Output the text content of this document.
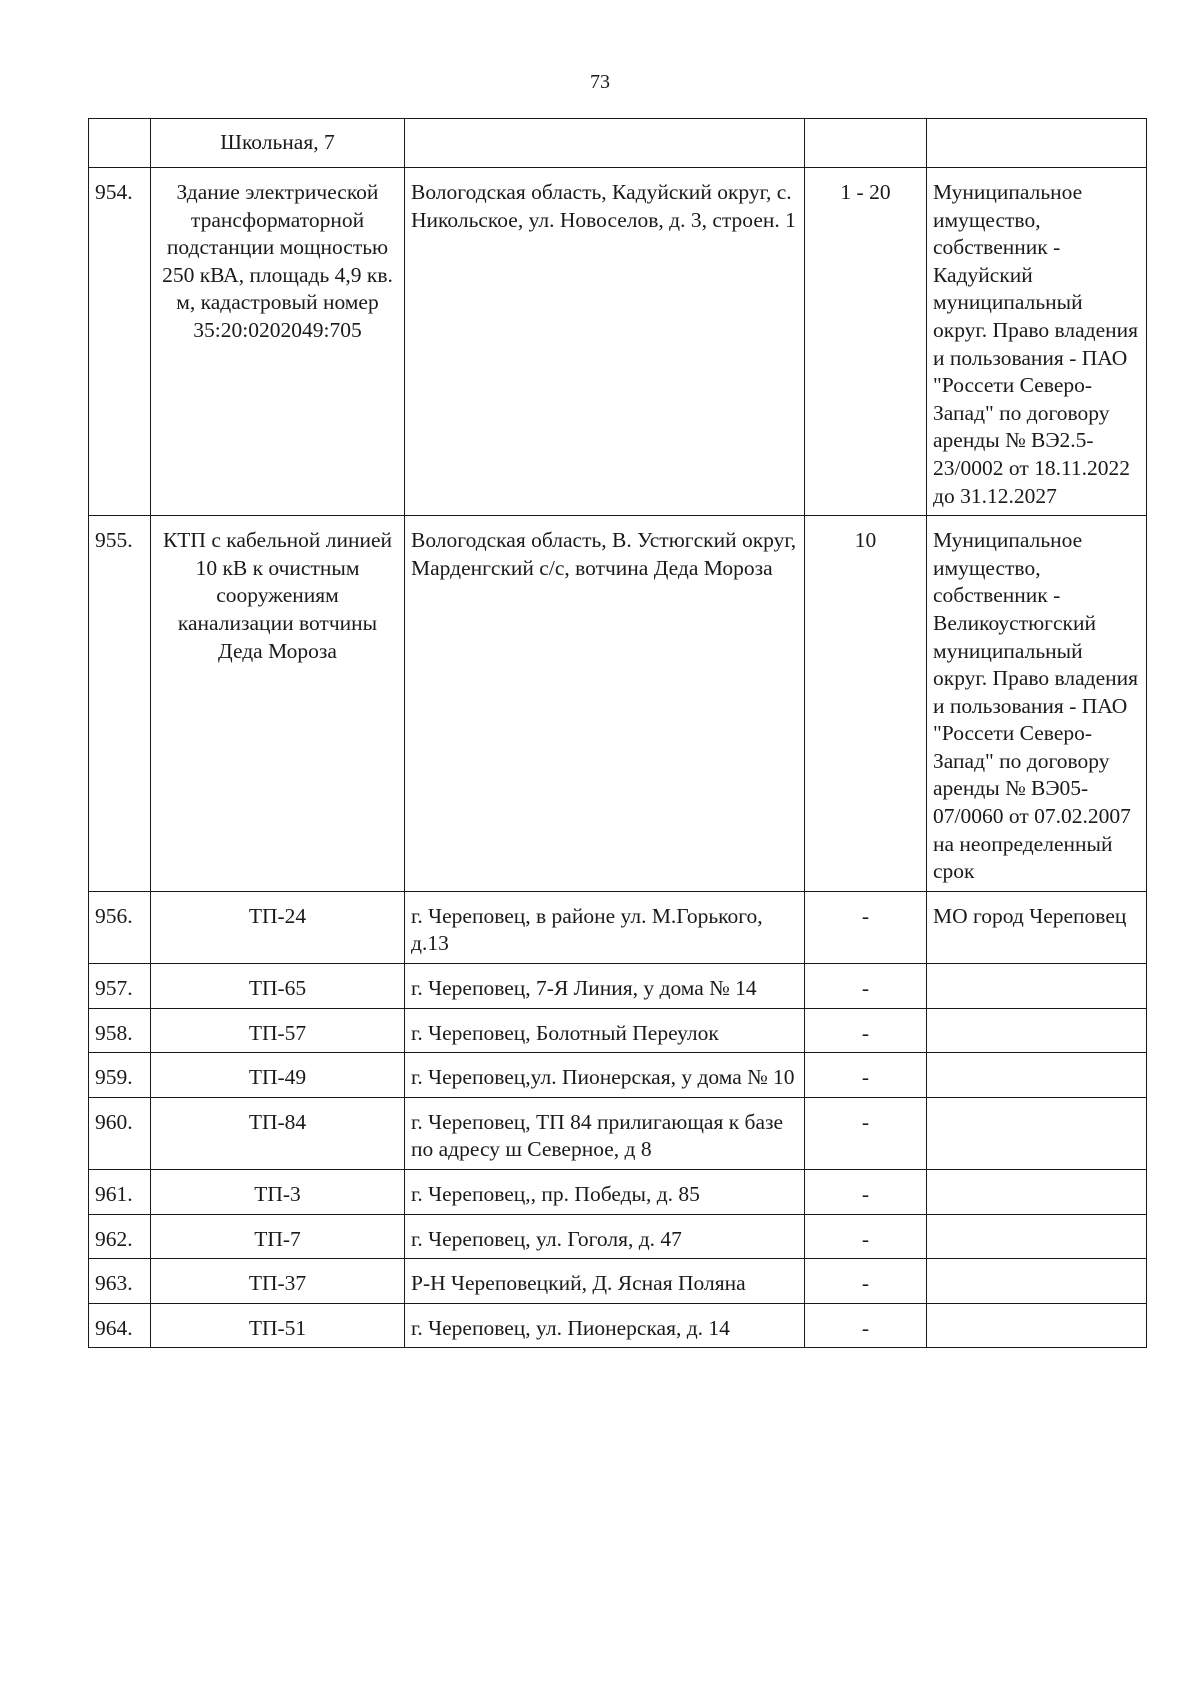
73
	Школьная, 7			
954.	Здание электрической трансформаторной подстанции мощностью 250 кВА, площадь 4,9 кв. м, кадастровый номер 35:20:0202049:705	Вологодская область, Кадуйский округ, с. Никольское, ул. Новоселов, д. 3, строен. 1	1 - 20	Муниципальное имущество, собственник - Кадуйский муниципальный округ. Право владения и пользования - ПАО "Россети Северо-Запад" по договору аренды № ВЭ2.5-23/0002 от 18.11.2022 до 31.12.2027
955.	КТП с кабельной линией 10 кВ к очистным сооружениям канализации вотчины Деда Мороза	Вологодская область, В. Устюгский округ, Марденгский с/с, вотчина Деда Мороза	10	Муниципальное имущество, собственник - Великоустюгский муниципальный округ. Право владения и пользования - ПАО "Россети Северо-Запад" по договору аренды № ВЭ05-07/0060 от 07.02.2007 на неопределенный срок
956.	ТП-24	г. Череповец, в районе ул. М.Горького, д.13	-	МО город Череповец
957.	ТП-65	г. Череповец, 7-Я Линия, у дома № 14	-	
958.	ТП-57	г. Череповец, Болотный Переулок	-	
959.	ТП-49	г. Череповец,ул. Пионерская, у дома № 10	-	
960.	ТП-84	г. Череповец, ТП 84 прилигающая к базе по адресу ш Северное, д 8	-	
961.	ТП-3	г. Череповец,, пр. Победы, д. 85	-	
962.	ТП-7	г. Череповец, ул. Гоголя, д. 47	-	
963.	ТП-37	Р-Н Череповецкий, Д. Ясная Поляна	-	
964.	ТП-51	г. Череповец, ул. Пионерская, д. 14	-	
